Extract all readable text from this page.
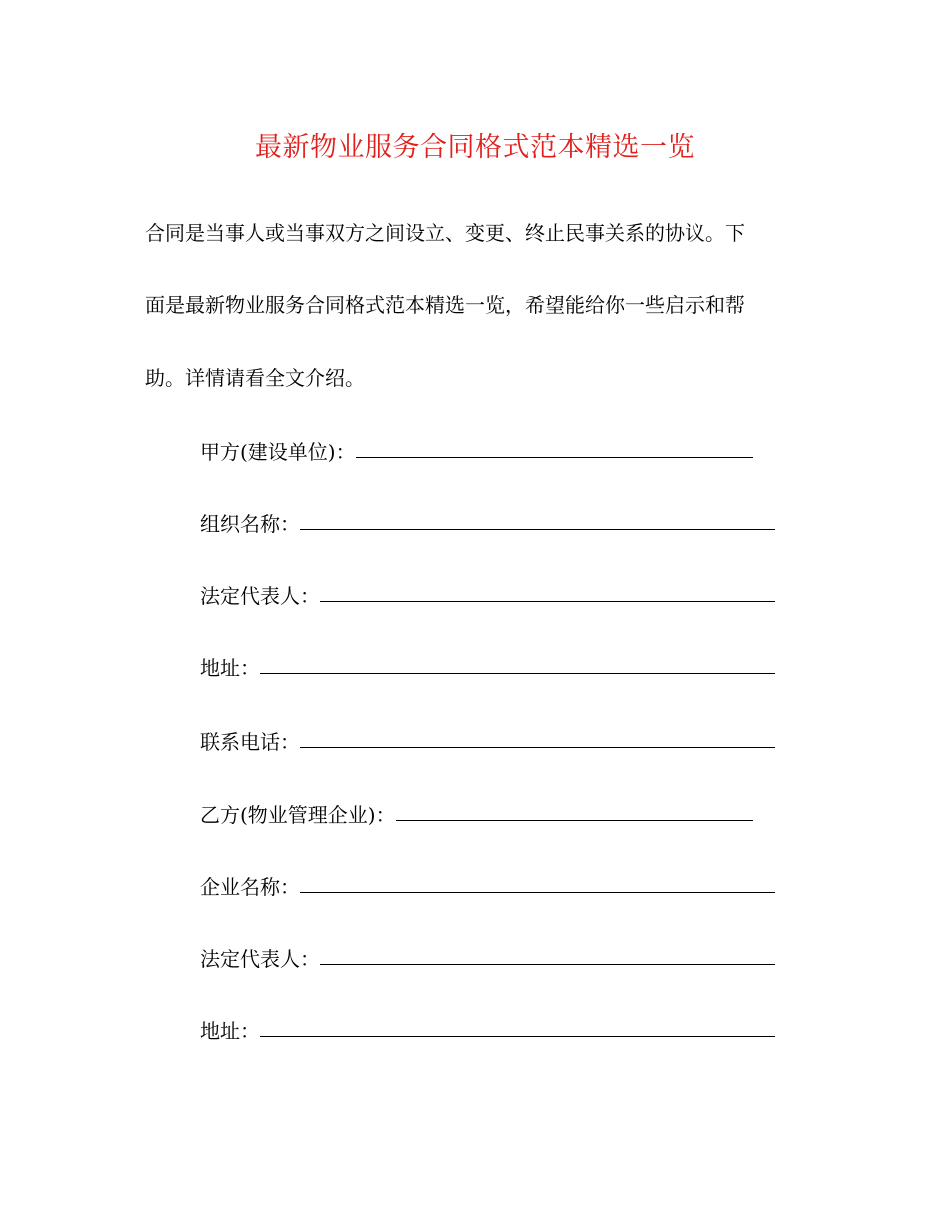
最新物业服务合同格式范本精选一览
合同是当事人或当事双方之间设立、变更、终止民事关系的协议。下
面是最新物业服务合同格式范本精选一览，希望能给你一些启示和帮
助。详情请看全文介绍。
甲方(建设单位)：
组织名称：
法定代表人：
地址：
联系电话：
乙方(物业管理企业)：
企业名称：
法定代表人：
地址：
